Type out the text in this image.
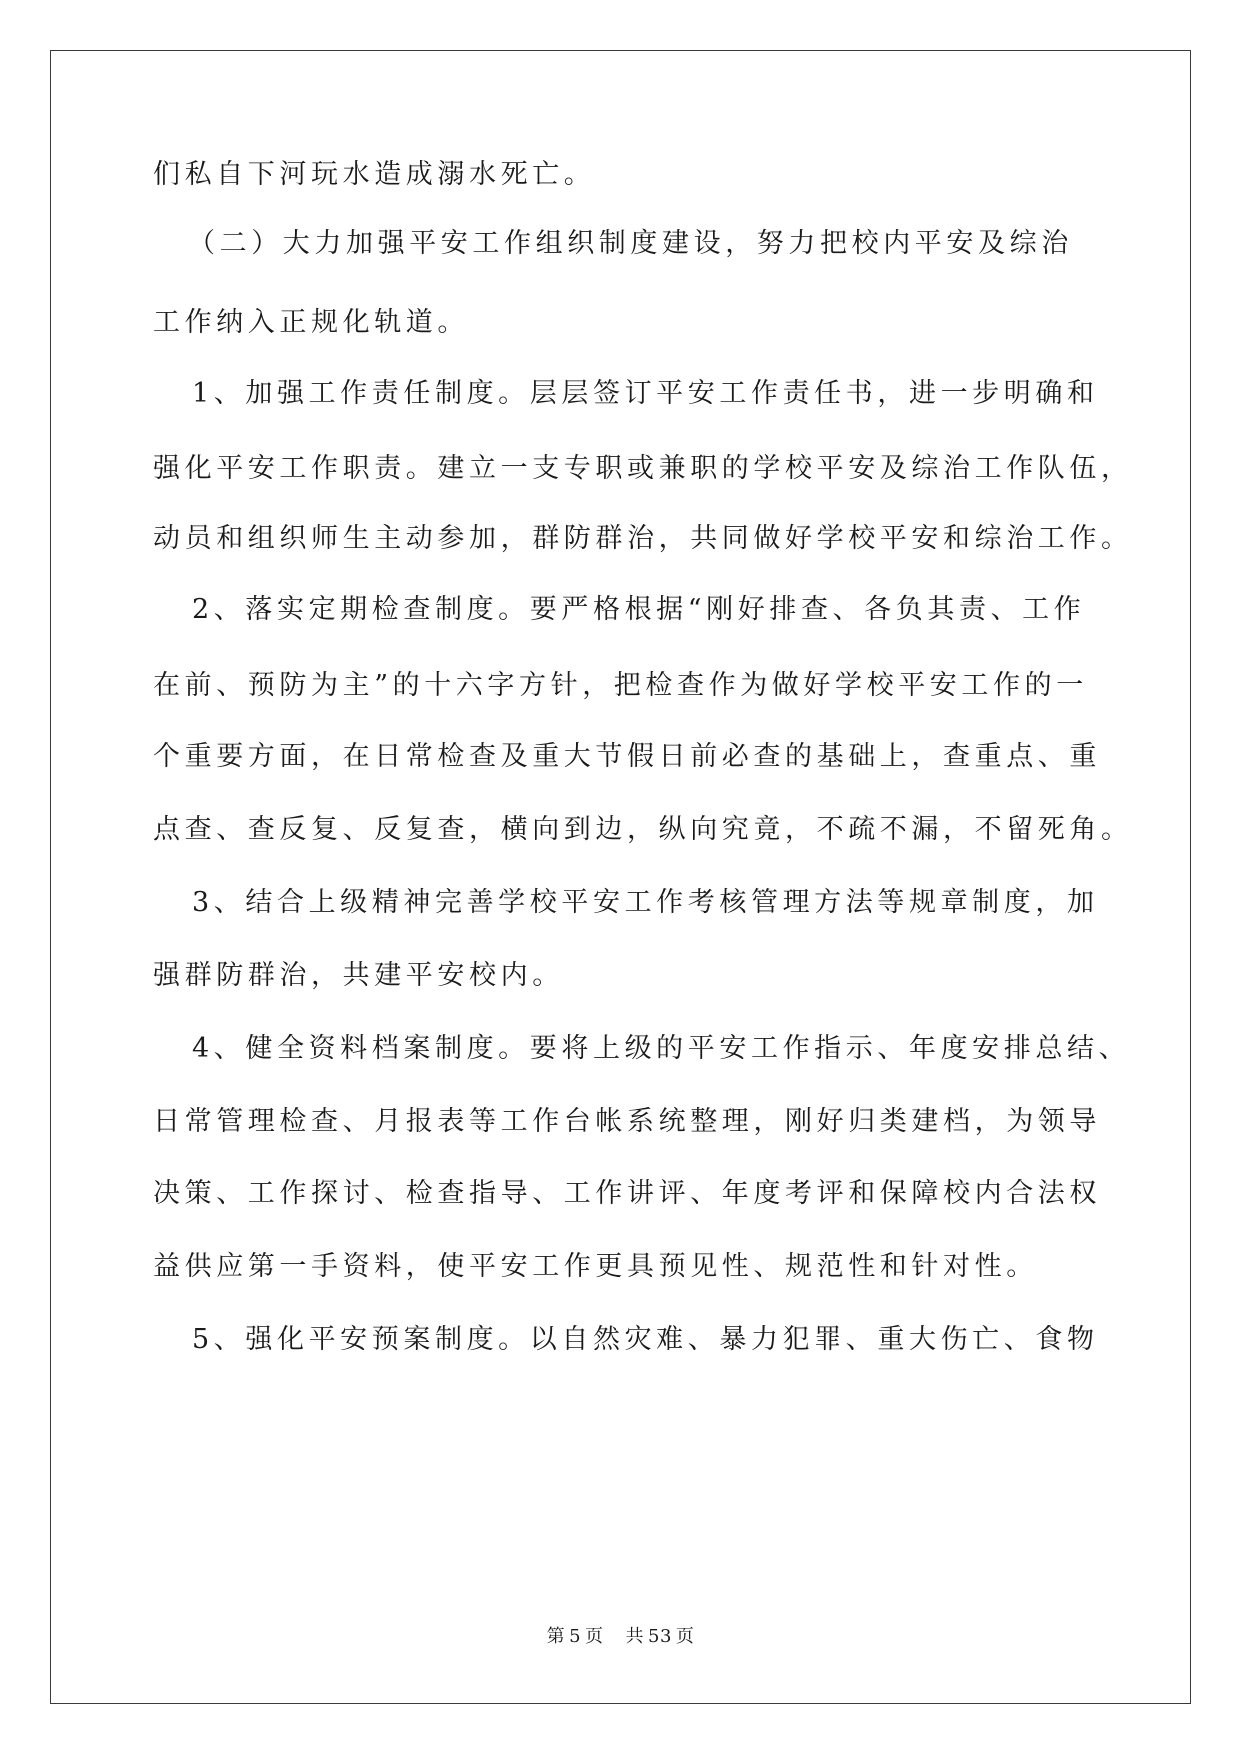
们私自下河玩水造成溺水死亡。
（二）大力加强平安工作组织制度建设，努力把校内平安及综治
工作纳入正规化轨道。
1、加强工作责任制度。层层签订平安工作责任书，进一步明确和
强化平安工作职责。建立一支专职或兼职的学校平安及综治工作队伍，
动员和组织师生主动参加，群防群治，共同做好学校平安和综治工作。
2、落实定期检查制度。要严格根据“刚好排查、各负其责、工作
在前、预防为主”的十六字方针，把检查作为做好学校平安工作的一
个重要方面，在日常检查及重大节假日前必查的基础上，查重点、重
点查、查反复、反复查，横向到边，纵向究竟，不疏不漏，不留死角。
3、结合上级精神完善学校平安工作考核管理方法等规章制度，加
强群防群治，共建平安校内。
4、健全资料档案制度。要将上级的平安工作指示、年度安排总结、
日常管理检查、月报表等工作台帐系统整理，刚好归类建档，为领导
决策、工作探讨、检查指导、工作讲评、年度考评和保障校内合法权
益供应第一手资料，使平安工作更具预见性、规范性和针对性。
5、强化平安预案制度。以自然灾难、暴力犯罪、重大伤亡、食物
第 5 页 共 53 页
